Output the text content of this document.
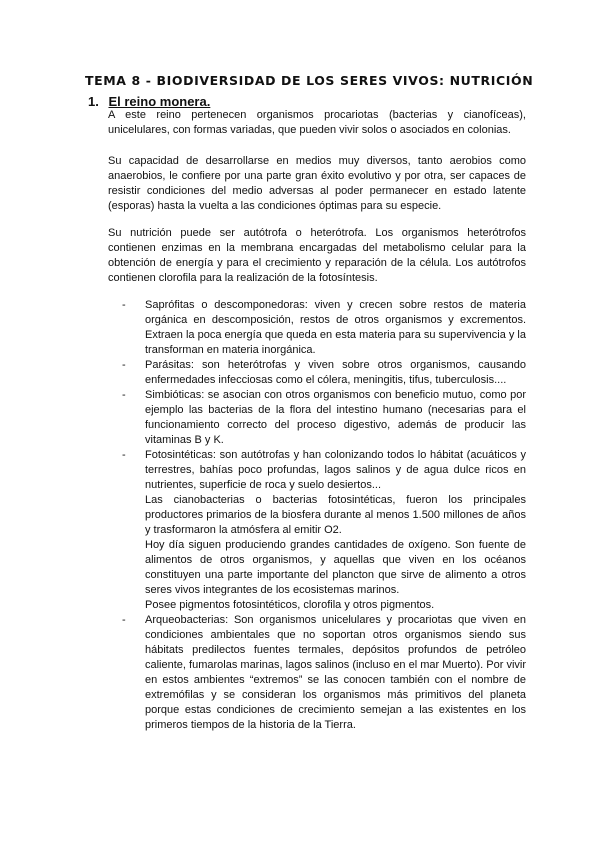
TEMA 8 - BIODIVERSIDAD DE LOS SERES VIVOS: NUTRICIÓN
1. El reino monera.

A este reino pertenecen organismos procariotas (bacterias y cianofíceas), unicelulares, con formas variadas, que pueden vivir solos o asociados en colonias.

Su capacidad de desarrollarse en medios muy diversos, tanto aerobios como anaerobios, le confiere por una parte gran éxito evolutivo y por otra, ser capaces de resistir condiciones del medio adversas al poder permanecer en estado latente (esporas) hasta la vuelta a las condiciones óptimas para su especie.

Su nutrición puede ser autótrofa o heterótrofa. Los organismos heterótrofos contienen enzimas en la membrana encargadas del metabolismo celular para la obtención de energía y para el crecimiento y reparación de la célula. Los autótrofos contienen clorofila para la realización de la fotosíntesis.

- Saprófitas o descomponedoras: viven y crecen sobre restos de materia orgánica en descomposición, restos de otros organismos y excrementos. Extraen la poca energía que queda en esta materia para su supervivencia y la transforman en materia inorgánica.

- Parásitas: son heterótrofas y viven sobre otros organismos, causando enfermedades infecciosas como el cólera, meningitis, tifus, tuberculosis....

- Simbióticas: se asocian con otros organismos con beneficio mutuo, como por ejemplo las bacterias de la flora del intestino humano (necesarias para el funcionamiento correcto del proceso digestivo, además de producir las vitaminas B y K.

- Fotosintéticas: son autótrofas y han colonizando todos lo hábitat (acuáticos y terrestres, bahías poco profundas, lagos salinos y de agua dulce ricos en nutrientes, superficie de roca y suelo desiertos...

Las cianobacterias o bacterias fotosintéticas, fueron los principales productores primarios de la biosfera durante al menos 1.500 millones de años y trasformaron la atmósfera al emitir O2.

Hoy día siguen produciendo grandes cantidades de oxígeno. Son fuente de alimentos de otros organismos, y aquellas que viven en los océanos constituyen una parte importante del plancton que sirve de alimento a otros seres vivos integrantes de los ecosistemas marinos.

Posee pigmentos fotosintéticos, clorofila y otros pigmentos.

- Arqueobacterias: Son organismos unicelulares y procariotas que viven en condiciones ambientales que no soportan otros organismos siendo sus hábitats predilectos fuentes termales, depósitos profundos de petróleo caliente, fumarolas marinas, lagos salinos (incluso en el mar Muerto). Por vivir en estos ambientes “extremos” se las conocen también con el nombre de extremófilas y se consideran los organismos más primitivos del planeta porque estas condiciones de crecimiento semejan a las existentes en los primeros tiempos de la historia de la Tierra.
